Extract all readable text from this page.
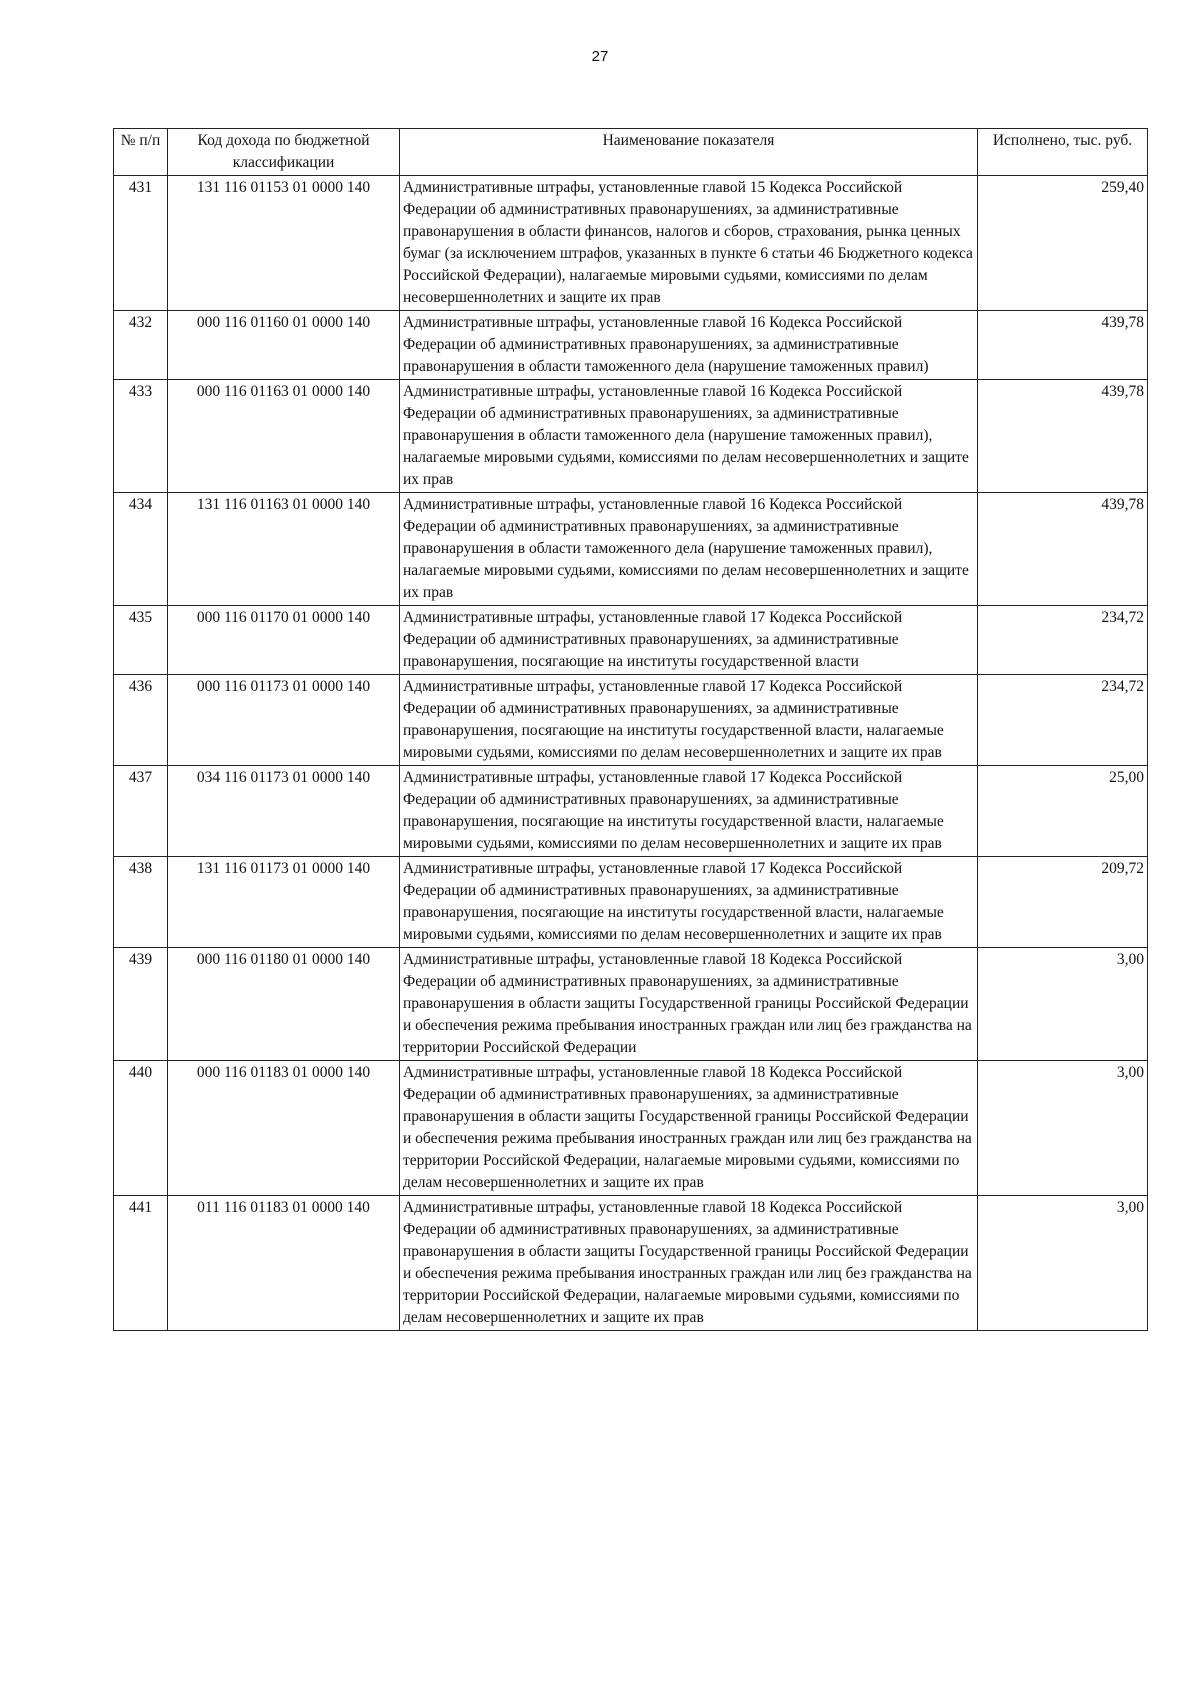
27
№ п/п	Код дохода по бюджетной классификации	Наименование показателя	Исполнено, тыс. руб.
431	131 116 01153 01 0000 140	Административные штрафы, установленные главой 15 Кодекса Российской Федерации об административных правонарушениях, за административные правонарушения в области финансов, налогов и сборов, страхования, рынка ценных бумаг (за исключением штрафов, указанных в пункте 6 статьи 46 Бюджетного кодекса Российской Федерации), налагаемые мировыми судьями, комиссиями по делам несовершеннолетних и защите их прав	259,40
432	000 116 01160 01 0000 140	Административные штрафы, установленные главой 16 Кодекса Российской Федерации об административных правонарушениях, за административные правонарушения в области таможенного дела (нарушение таможенных правил)	439,78
433	000 116 01163 01 0000 140	Административные штрафы, установленные главой 16 Кодекса Российской Федерации об административных правонарушениях, за административные правонарушения в области таможенного дела (нарушение таможенных правил), налагаемые мировыми судьями, комиссиями по делам несовершеннолетних и защите их прав	439,78
434	131 116 01163 01 0000 140	Административные штрафы, установленные главой 16 Кодекса Российской Федерации об административных правонарушениях, за административные правонарушения в области таможенного дела (нарушение таможенных правил), налагаемые мировыми судьями, комиссиями по делам несовершеннолетних и защите их прав	439,78
435	000 116 01170 01 0000 140	Административные штрафы, установленные главой 17 Кодекса Российской Федерации об административных правонарушениях, за административные правонарушения, посягающие на институты государственной власти	234,72
436	000 116 01173 01 0000 140	Административные штрафы, установленные главой 17 Кодекса Российской Федерации об административных правонарушениях, за административные правонарушения, посягающие на институты государственной власти, налагаемые мировыми судьями, комиссиями по делам несовершеннолетних и защите их прав	234,72
437	034 116 01173 01 0000 140	Административные штрафы, установленные главой 17 Кодекса Российской Федерации об административных правонарушениях, за административные правонарушения, посягающие на институты государственной власти, налагаемые мировыми судьями, комиссиями по делам несовершеннолетних и защите их прав	25,00
438	131 116 01173 01 0000 140	Административные штрафы, установленные главой 17 Кодекса Российской Федерации об административных правонарушениях, за административные правонарушения, посягающие на институты государственной власти, налагаемые мировыми судьями, комиссиями по делам несовершеннолетних и защите их прав	209,72
439	000 116 01180 01 0000 140	Административные штрафы, установленные главой 18 Кодекса Российской Федерации об административных правонарушениях, за административные правонарушения в области защиты Государственной границы Российской Федерации и обеспечения режима пребывания иностранных граждан или лиц без гражданства на территории Российской Федерации	3,00
440	000 116 01183 01 0000 140	Административные штрафы, установленные главой 18 Кодекса Российской Федерации об административных правонарушениях, за административные правонарушения в области защиты Государственной границы Российской Федерации и обеспечения режима пребывания иностранных граждан или лиц без гражданства на территории Российской Федерации, налагаемые мировыми судьями, комиссиями по делам несовершеннолетних и защите их прав	3,00
441	011 116 01183 01 0000 140	Административные штрафы, установленные главой 18 Кодекса Российской Федерации об административных правонарушениях, за административные правонарушения в области защиты Государственной границы Российской Федерации и обеспечения режима пребывания иностранных граждан или лиц без гражданства на территории Российской Федерации, налагаемые мировыми судьями, комиссиями по делам несовершеннолетних и защите их прав	3,00
